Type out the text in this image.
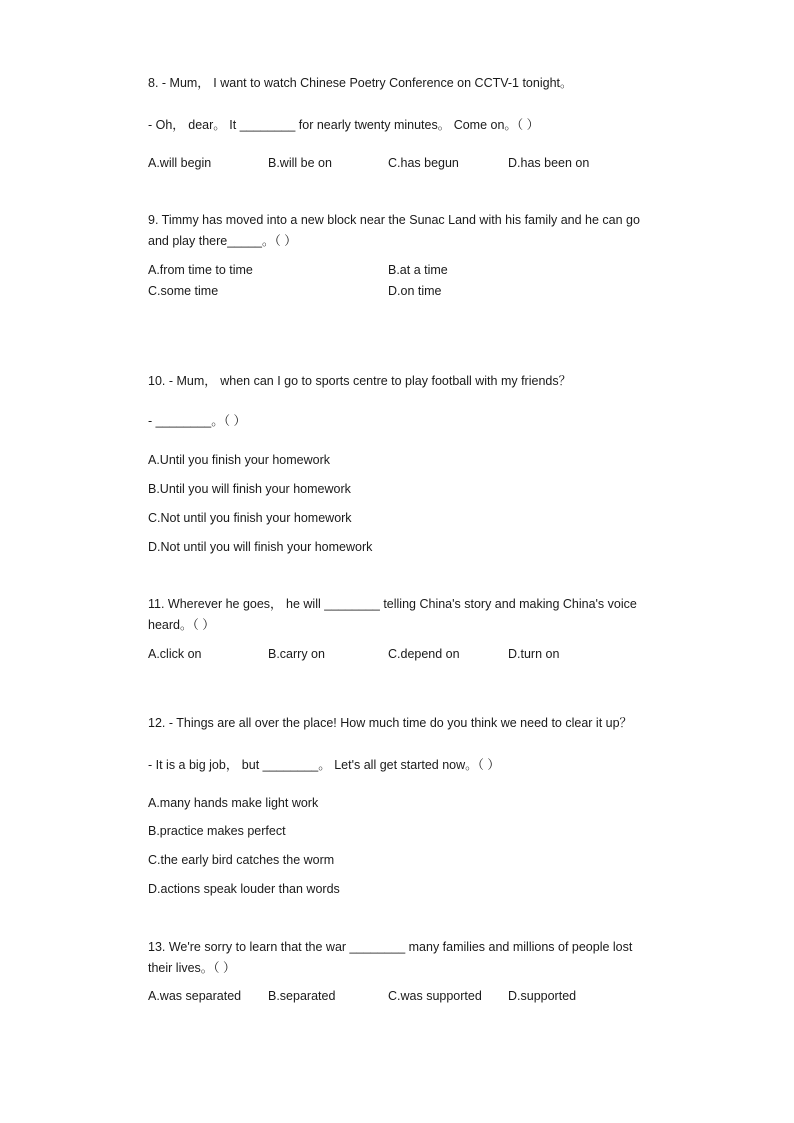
8. - Mum， I want to watch Chinese Poetry Conference on CCTV-1 tonight。
- Oh， dear。 It ________ for nearly twenty minutes。 Come on。（ ）
A.will begin	B.will be on	C.has begun	D.has been on
9. Timmy has moved into a new block near the Sunac Land with his family and he can go
and play there_____。（ ）
A.from time to time	B.at a time
C.some time	D.on time
10. - Mum， when can I go to sports centre to play football with my friends？
- ________。（ ）
A.Until you finish your homework
B.Until you will finish your homework
C.Not until you finish your homework
D.Not until you will finish your homework
11. Wherever he goes， he will ________ telling China's story and making China's voice
heard。（ ）
A.click on	B.carry on	C.depend on	D.turn on
12. - Things are all over the place! How much time do you think we need to clear it up？
- It is a big job， but ________。 Let's all get started now。（ ）
A.many hands make light work
B.practice makes perfect
C.the early bird catches the worm
D.actions speak louder than words
13. We're sorry to learn that the war ________ many families and millions of people lost
their lives。（ ）
A.was separated B.separated	C.was supported D.supported
